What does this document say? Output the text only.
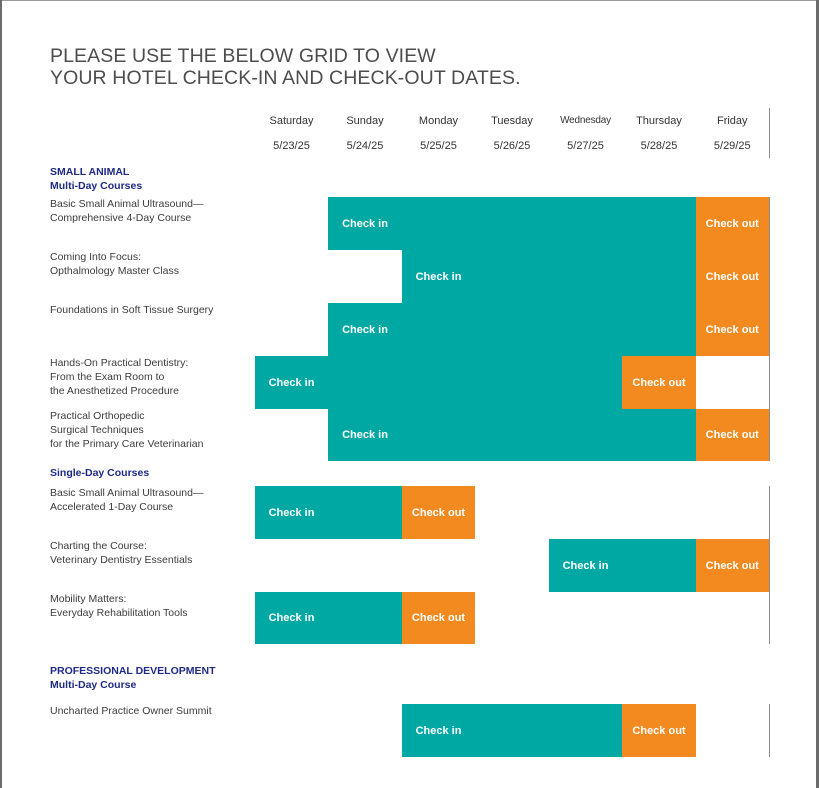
PLEASE USE THE BELOW GRID TO VIEW
YOUR HOTEL CHECK-IN AND CHECK-OUT DATES.
	Saturday	Sunday	Monday	Tuesday	Wednesday	Thursday	Friday
	5/23/25	5/24/25	5/25/25	5/26/25	5/27/25	5/28/25	5/29/25

SMALL ANIMAL
Multi-Day Courses							

Basic Small Animal Ultrasound—
Comprehensive 4-Day Course		Check in					Check out

Coming Into Focus:
Opthalmology Master Class			Check in				Check out

Foundations in Soft Tissue Surgery		Check in					Check out

Hands-On Practical Dentistry:
From the Exam Room to
the Anesthetized Procedure	Check in					Check out	

Practical Orthopedic
Surgical Techniques
for the Primary Care Veterinarian		Check in					Check out

Single-Day Courses							

Basic Small Animal Ultrasound—
Accelerated 1-Day Course	Check in		Check out				

Charting the Course:
Veterinary Dentistry Essentials					Check in		Check out

Mobility Matters:
Everyday Rehabilitation Tools	Check in		Check out				

PROFESSIONAL DEVELOPMENT
Multi-Day Course							

Uncharted Practice Owner Summit			Check in			Check out	
